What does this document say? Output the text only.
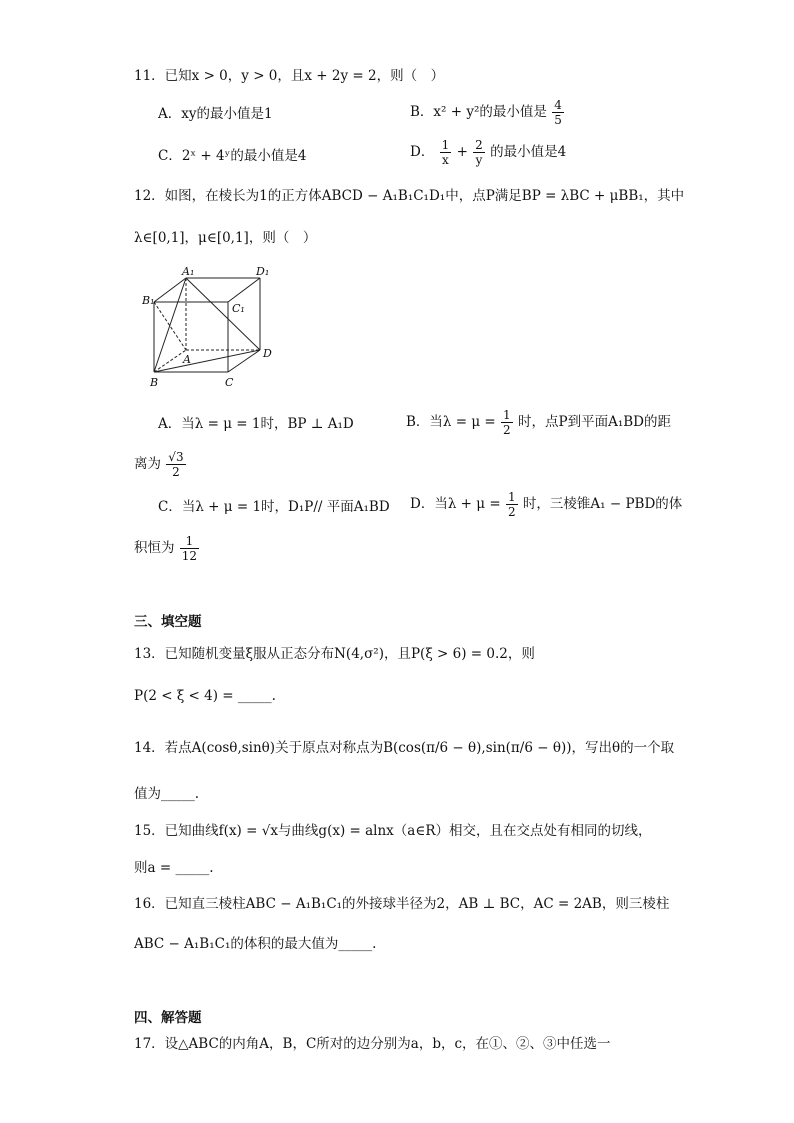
11．已知x > 0，y > 0，且x + 2y = 2，则（　）
A．xy的最小值是1	B．x² + y²的最小值是 $\frac{4}{5}$
C．2ˣ + 4ʸ的最小值是4	D． $\frac{1}{x} + \frac{2}{y}$ 的最小值是4
12．如图，在棱长为1的正方体ABCD − A₁B₁C₁D₁中，点P满足BP = λBC + μBB₁，其中
λ∈[0,1]，μ∈[0,1]，则（　）
A₁	D₁
B₁
C₁
A	D
B	C
A．当λ = μ = 1时，BP ⊥ A₁D	B．当$\lambda = \mu = \frac{1}{2}$ 时，点P到平面A₁BD的距
离为 $\frac{√3}{2}$
C．当λ + μ = 1时，D₁P// 平面A₁BD D．当$\lambda + \mu = \frac{1}{2}$ 时，三棱锥A₁ − PBD的体
积恒为 $\frac{1}{12}$
三、填空题
13．已知随机变量ξ服从正态分布N(4,σ²)，且P(ξ > 6) = 0.2，则
P(2 < ξ < 4) = _____.
14．若点A(cosθ,sinθ)关于原点对称点为B(cos(π/6 − θ),sin(π/6 − θ))，写出θ的一个取
值为_____.
15．已知曲线f(x) = √x与曲线g(x) = alnx（a∈R）相交，且在交点处有相同的切线，
则a = _____.
16．已知直三棱柱ABC − A₁B₁C₁的外接球半径为2，AB ⊥ BC，AC = 2AB，则三棱柱
ABC − A₁B₁C₁的体积的最大值为_____.
四、解答题
17．设△ABC的内角A，B，C所对的边分别为a，b，c，在①、②、③中任选一
